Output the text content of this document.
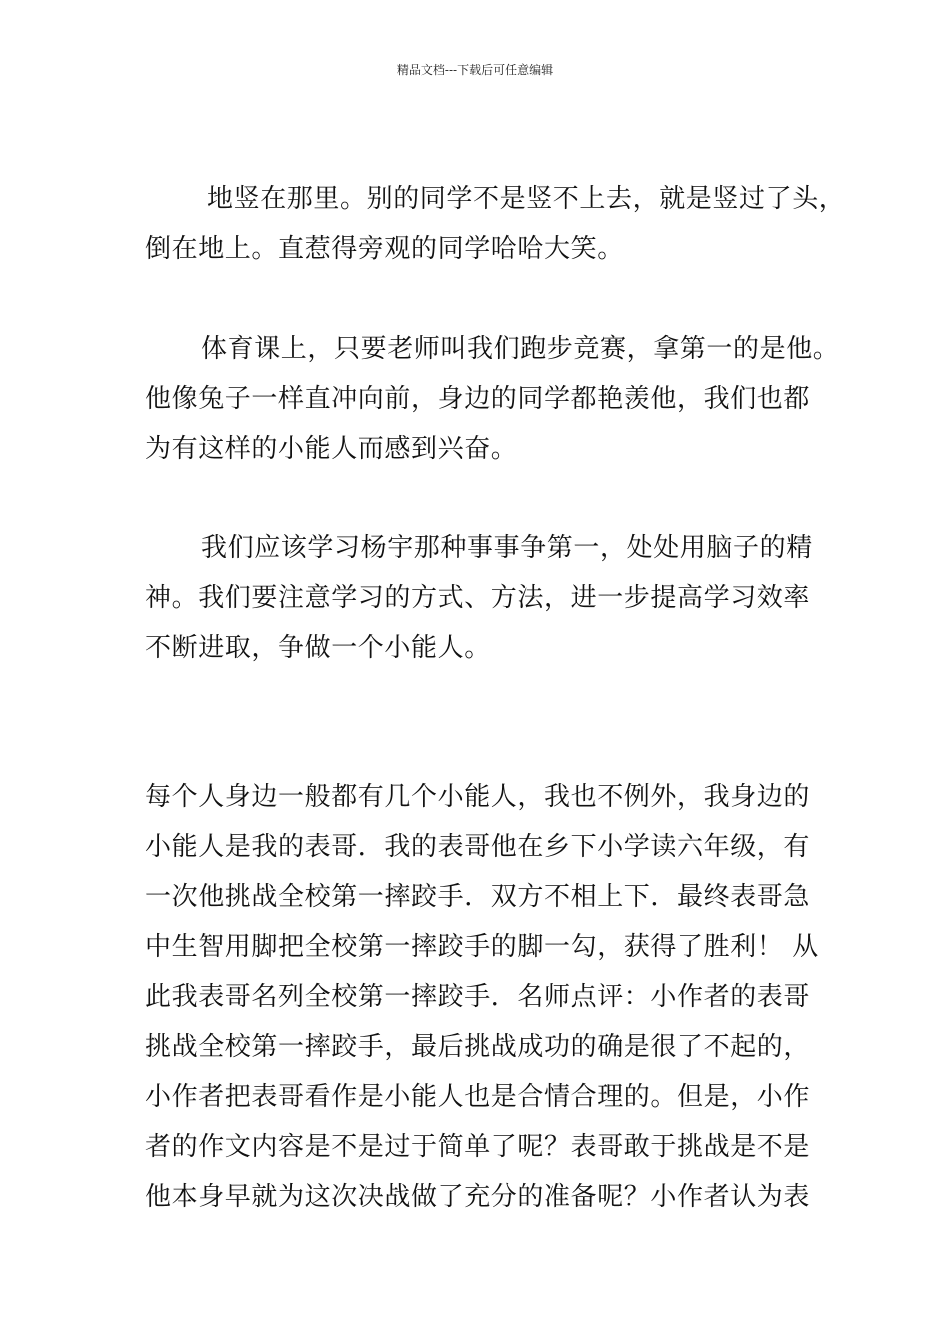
精品文档---下载后可任意编辑
地竖在那里。别的同学不是竖不上去，就是竖过了头，
倒在地上。直惹得旁观的同学哈哈大笑。
体育课上，只要老师叫我们跑步竞赛，拿第一的是他。
他像兔子一样直冲向前，身边的同学都艳羡他，我们也都
为有这样的小能人而感到兴奋。
我们应该学习杨宇那种事事争第一，处处用脑子的精
神。我们要注意学习的方式、方法，进一步提高学习效率
不断进取，争做一个小能人。
每个人身边一般都有几个小能人，我也不例外，我身边的
小能人是我的表哥．我的表哥他在乡下小学读六年级，有
一次他挑战全校第一摔跤手．双方不相上下．最终表哥急
中生智用脚把全校第一摔跤手的脚一勾，获得了胜利！ 从
此我表哥名列全校第一摔跤手．名师点评：小作者的表哥
挑战全校第一摔跤手，最后挑战成功的确是很了不起的，
小作者把表哥看作是小能人也是合情合理的。但是，小作
者的作文内容是不是过于简单了呢？表哥敢于挑战是不是
他本身早就为这次决战做了充分的准备呢？小作者认为表
